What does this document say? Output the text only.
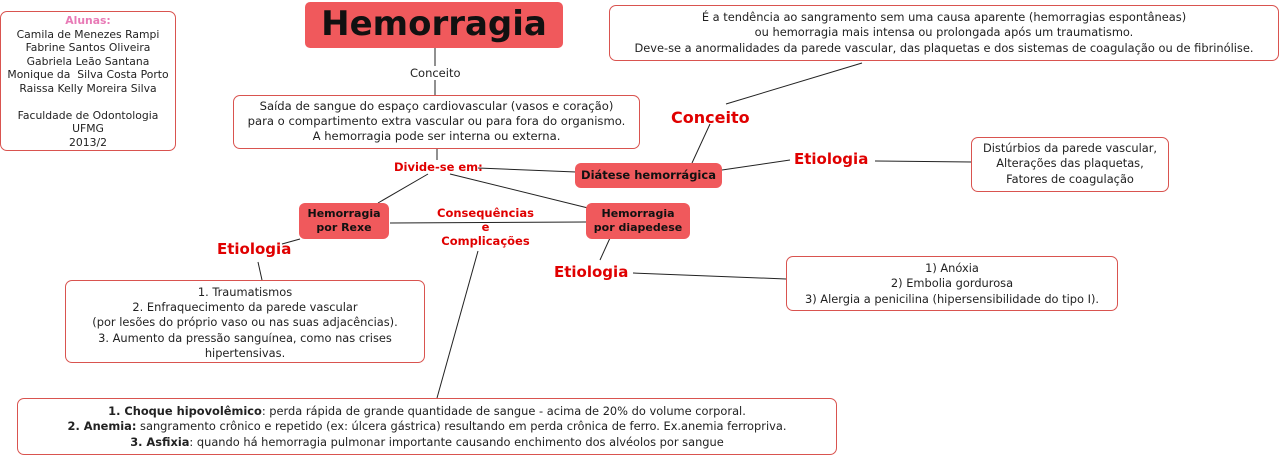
Alunas:
Camila de Menezes Rampi
Fabrine Santos Oliveira
Gabriela Leão Santana
Monique da  Silva Costa Porto
Raissa Kelly Moreira Silva

Faculdade de Odontologia
UFMG
2013/2
Hemorragia
Conceito
Saída de sangue do espaço cardiovascular (vasos e coração)
para o compartimento extra vascular ou para fora do organismo.
A hemorragia pode ser interna ou externa.
Divide-se em:
Diátese hemorrágica
Conceito
É a tendência ao sangramento sem uma causa aparente (hemorragias espontâneas)
ou hemorragia mais intensa ou prolongada após um traumatismo.
Deve-se a anormalidades da parede vascular, das plaquetas e dos sistemas de coagulação ou de fibrinólise.
Etiologia
Distúrbios da parede vascular,
Alterações das plaquetas,
Fatores de coagulação
Hemorragia
por Rexe
Hemorragia
por diapedese
Consequências
e
Complicações
Etiologia
1. Traumatismos
2. Enfraquecimento da parede vascular
(por lesões do próprio vaso ou nas suas adjacências).
3. Aumento da pressão sanguínea, como nas crises
hipertensivas.
Etiologia	1) Anóxia
2) Embolia gordurosa
3) Alergia a penicilina (hipersensibilidade do tipo I).
1. Choque hipovolêmico: perda rápida de grande quantidade de sangue - acima de 20% do volume corporal.
2. Anemia: sangramento crônico e repetido (ex: úlcera gástrica) resultando em perda crônica de ferro. Ex.anemia ferropriva.
3. Asfixia: quando há hemorragia pulmonar importante causando enchimento dos alvéolos por sangue
